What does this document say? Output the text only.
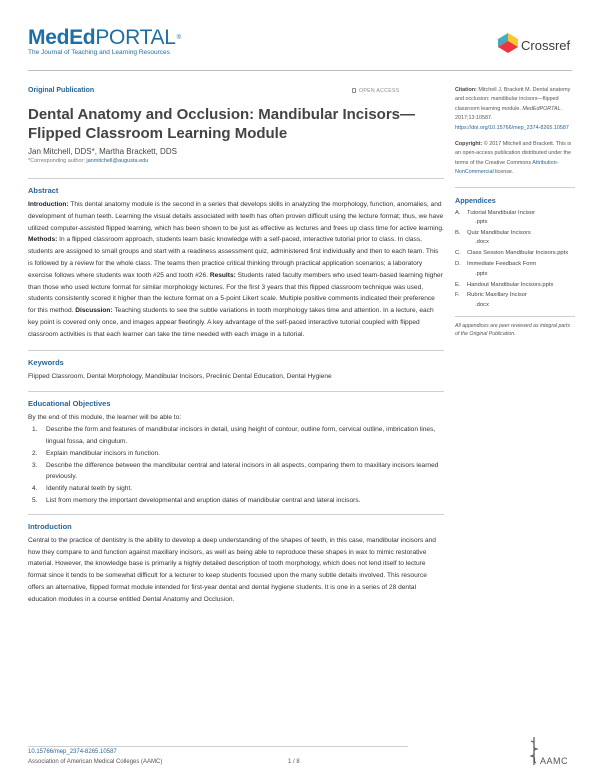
MedEdPORTAL®
The Journal of Teaching and Learning Resources	Crossref
OPEN ACCESS
Original Publication
Dental Anatomy and Occlusion: Mandibular Incisors—Flipped Classroom Learning Module
Jan Mitchell, DDS*, Martha Brackett, DDS
*Corresponding author: janmitchell@augusta.edu
Abstract

Introduction: This dental anatomy module is the second in a series that develops skills in analyzing the morphology, function, anomalies, and development of human teeth. Learning the visual details associated with teeth has often proven difficult using the lecture format; thus, we have utilized computer-assisted flipped learning, which has been shown to be just as effective as lectures and frees up class time for active learning. Methods: In a flipped classroom approach, students learn basic knowledge with a self-paced, interactive tutorial prior to class. In class, students are assigned to small groups and start with a readiness assessment quiz, administered first individually and then to each team. This is followed by a review for the whole class. The teams then practice critical thinking through practical application scenarios; a laboratory exercise follows where students wax tooth #25 and tooth #26. Results: Students rated faculty members who used team-based learning higher than those who used lecture format for similar morphology lectures. For the first 3 years that this flipped classroom technique was used, students consistently scored it higher than the lecture format on a 5-point Likert scale. Multiple positive comments indicated their preference for this method. Discussion: Teaching students to see the subtle variations in tooth morphology takes time and attention. In a lecture, each key point is covered only once, and images appear fleetingly. A key advantage of the self-paced interactive tutorial coupled with flipped classroom activities is that each learner can take the time needed with each image in a tutorial.

Keywords

Flipped Classroom, Dental Morphology, Mandibular Incisors, Preclinic Dental Education, Dental Hygiene

Educational Objectives

By the end of this module, the learner will be able to:

1. Describe the form and features of mandibular incisors in detail, using height of contour, outline form, cervical outline, imbrication lines, lingual fossa, and cingulum.
2. Explain mandibular incisors in function.
3. Describe the difference between the mandibular central and lateral incisors in all aspects, comparing them to maxillary incisors learned previously.
4. Identify natural teeth by sight.
5. List from memory the important developmental and eruption dates of mandibular central and lateral incisors.
Introduction

Central to the practice of dentistry is the ability to develop a deep understanding of the shapes of teeth, in this case, mandibular incisors and how they compare to and function against maxillary incisors, as well as being able to reproduce these shapes in wax to mimic restorative material. However, the knowledge base is primarily a highly detailed description of tooth morphology, which does not lend itself to lecture format since it tends to be somewhat difficult for a lecturer to keep students focused upon the many subtle details involved. This resource offers an alternative, flipped format module intended for first-year dental and dental hygiene students. It is one in a series of 28 dental education modules in a course entitled Dental Anatomy and Occlusion.

Citation: Mitchell J, Brackett M. Dental anatomy and occlusion: mandibular incisors—flipped classroom learning module. MedEdPORTAL. 2017;13:10587. https://doi.org/10.15766/mep_2374-8265.10587

Copyright: © 2017 Mitchell and Brackett. This is an open-access publication distributed under the terms of the Creative Commons Attribution-NonCommercial license.

Appendices
A. Tutorial Mandibular Incisor
.pptx
B. Quiz Mandibular Incisors
.docx
C. Class Session Mandibular Incisors.pptx
D. Immediate Feedback Form
.pptx
E. Handout Mandibular Incisors.pptx
F. Rubric Maxillary Incisor
.docx

All appendices are peer reviewed as integral parts of the Original Publication.

10.15766/mep_2374-8265.10587
Association of American Medical Colleges (AAMC)	1 / 8	AAMC
